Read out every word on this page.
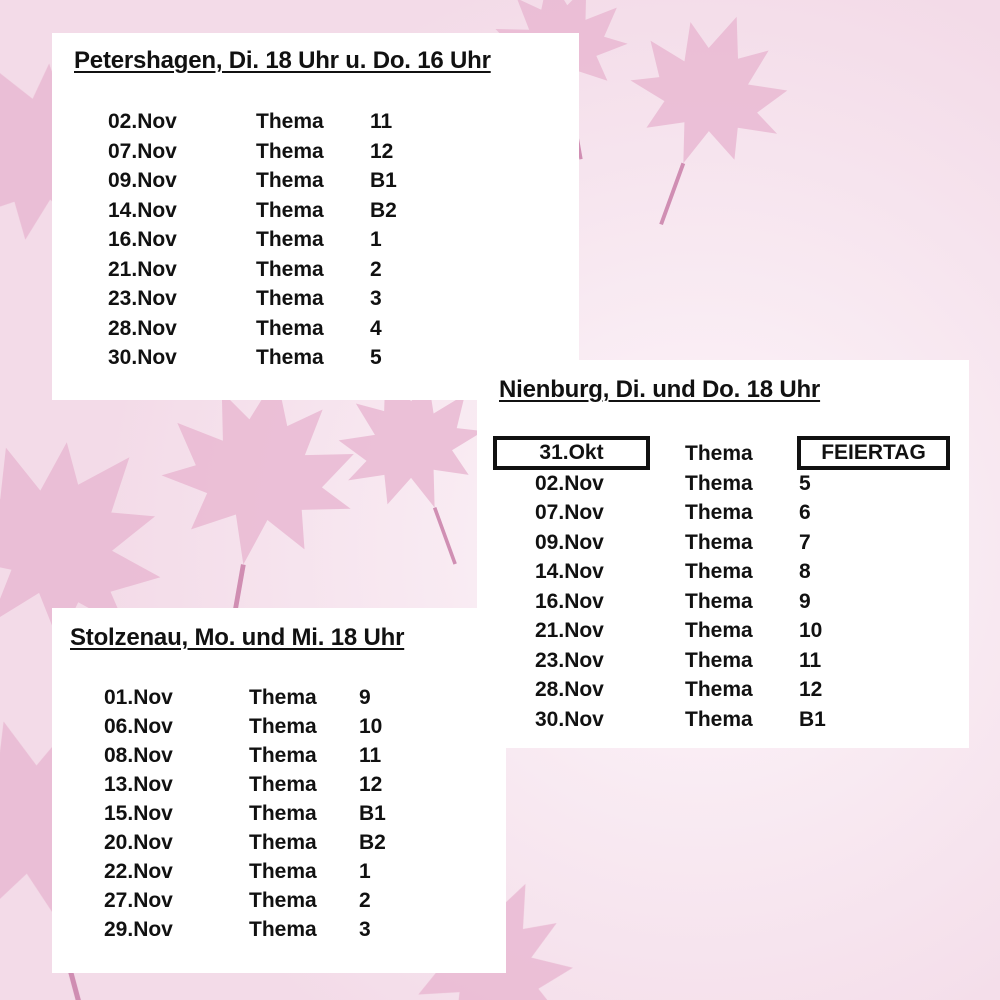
Petershagen, Di. 18 Uhr u. Do. 16 Uhr
02.Nov	Thema 11
07.Nov	Thema 12
09.Nov	Thema B1
14.Nov	Thema B2
16.Nov	Thema 1
21.Nov	Thema 2
23.Nov	Thema 3
28.Nov	Thema 4
30.Nov	Thema 5
Nienburg, Di. und Do. 18 Uhr
31.Okt	Thema	FEIERTAG
02.Nov	Thema 5
07.Nov	Thema 6
09.Nov	Thema 7
14.Nov	Thema 8
16.Nov	Thema 9
21.Nov	Thema 10
23.Nov	Thema 11
28.Nov	Thema 12
30.Nov	Thema B1
Stolzenau, Mo. und Mi. 18 Uhr
01.Nov	Thema 9
06.Nov	Thema 10
08.Nov	Thema 11
13.Nov	Thema 12
15.Nov	Thema B1
20.Nov	Thema B2
22.Nov	Thema 1
27.Nov	Thema 2
29.Nov	Thema 3
